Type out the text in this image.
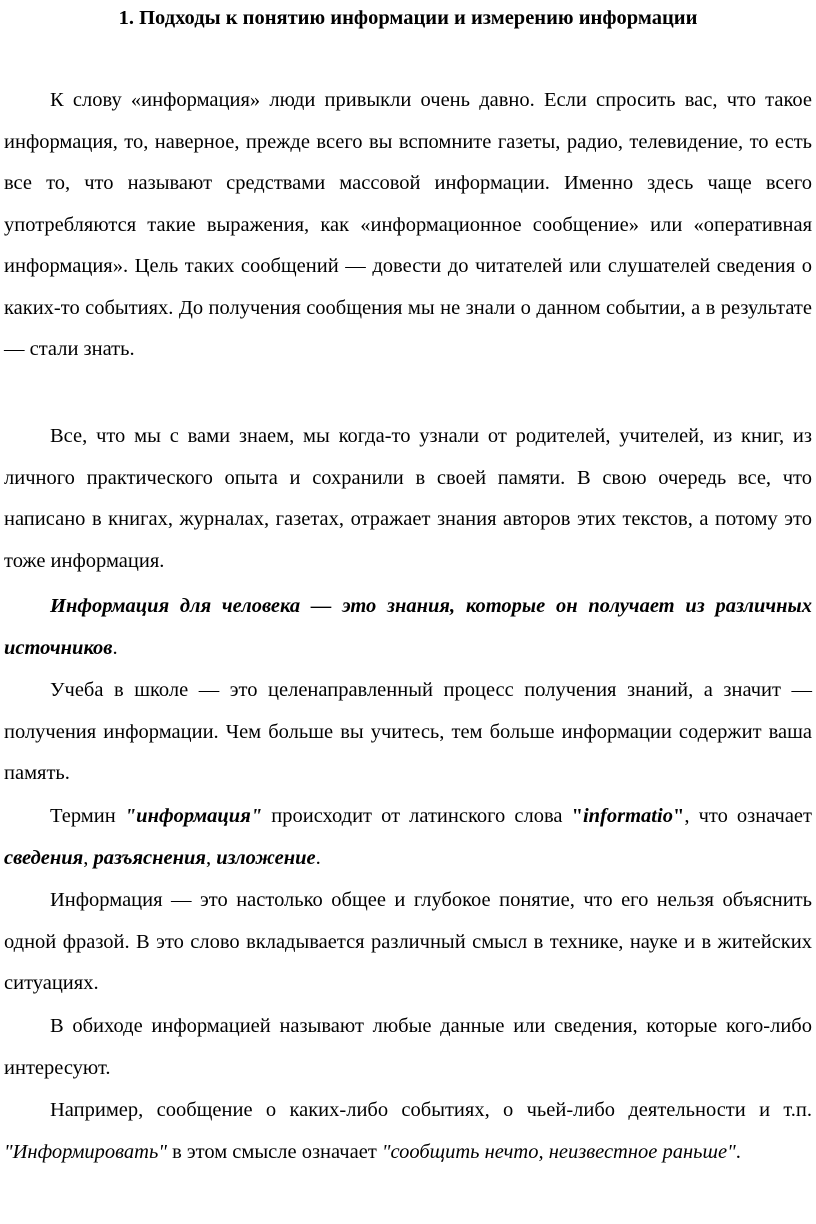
1. Подходы к понятию информации и измерению информации

К слову «информация» люди привыкли очень давно. Если спросить вас, что такое информация, то, наверное, прежде всего вы вспомните газеты, радио, телевидение, то есть все то, что называют средствами массовой информации. Именно здесь чаще всего употребляются такие выражения, как «информационное сообщение» или «оперативная информация». Цель таких сообщений — довести до читателей или слушателей сведения о каких-то событиях. До получения сообщения мы не знали о данном событии, а в результате — стали знать.

Все, что мы с вами знаем, мы когда-то узнали от родителей, учителей, из книг, из личного практического опыта и сохранили в своей памяти. В свою очередь все, что написано в книгах, журналах, газетах, отражает знания авторов этих текстов, а потому это тоже информация.

Информация для человека — это знания, которые он получает из различных источников.

Учеба в школе — это целенаправленный процесс получения знаний, а значит — получения информации. Чем больше вы учитесь, тем больше информации содержит ваша память.

Термин "информация" происходит от латинского слова "informatio", что означает сведения, разъяснения, изложение.

Информация — это настолько общее и глубокое понятие, что его нельзя объяснить одной фразой. В это слово вкладывается различный смысл в технике, науке и в житейских ситуациях.

В обиходе информацией называют любые данные или сведения, которые кого-либо интересуют.

Например, сообщение о каких-либо событиях, о чьей-либо деятельности и т.п. "Информировать" в этом смысле означает "сообщить нечто, неизвестное раньше".
